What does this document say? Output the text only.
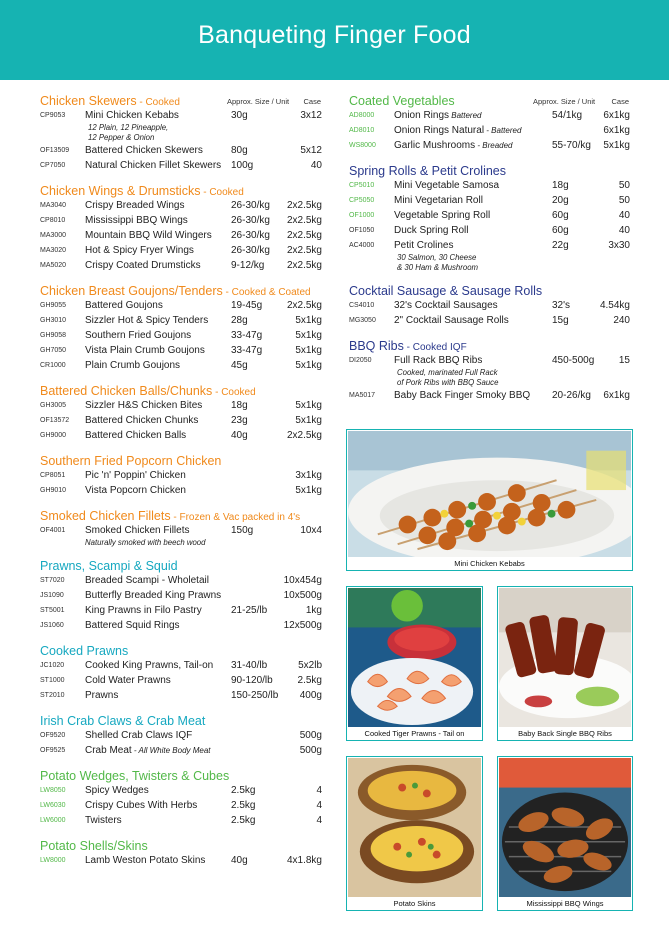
Banqueting Finger Food
Chicken Skewers - Cooked	Approx. Size / Unit Case
CP9053 Mini Chicken Kebabs	30g	3x12
12 Plain, 12 Pineapple,
12 Pepper & Onion
OF13509 Battered Chicken Skewers	80g	5x12
CP7050 Natural Chicken Fillet Skewers 100g	40
Chicken Wings & Drumsticks - Cooked
MA3040 Crispy Breaded Wings	26-30/kg 2x2.5kg
CP8010 Mississippi BBQ Wings	26-30/kg 2x2.5kg
MA3000 Mountain BBQ Wild Wingers 26-30/kg 2x2.5kg
MA3020 Hot & Spicy Fryer Wings	26-30/kg 2x2.5kg
MA5020 Crispy Coated Drumsticks	9-12/kg 2x2.5kg
Chicken Breast Goujons/Tenders - Cooked & Coated
GH9055 Battered Goujons	19-45g 2x2.5kg
GH3010 Sizzler Hot & Spicy Tenders 28g	5x1kg
GH9058 Southern Fried Goujons	33-47g	5x1kg
GH7050 Vista Plain Crumb Goujons	33-47g	5x1kg
CR1000 Plain Crumb Goujons	45g	5x1kg
Battered Chicken Balls/Chunks - Cooked
GH3005 Sizzler H&S Chicken Bites	18g	5x1kg
OF13572 Battered Chicken Chunks	23g	5x1kg
GH9000 Battered Chicken Balls	40g	2x2.5kg
Southern Fried Popcorn Chicken
CP8051 Pic 'n' Poppin' Chicken	3x1kg
GH9010 Vista Popcorn Chicken	5x1kg
Smoked Chicken Fillets - Frozen & Vac packed in 4's
OF4001 Smoked Chicken Fillets	150g	10x4
Naturally smoked with beech wood
Prawns, Scampi & Squid
ST7020 Breaded Scampi - Wholetail	10x454g
JS1090 Butterfly Breaded King Prawns	10x500g
ST5001 King Prawns in Filo Pastry	21-25/lb	1kg
JS1060 Battered Squid Rings	12x500g
Cooked Prawns
JC1020 Cooked King Prawns, Tail-on 31-40/lb	5x2lb
ST1000 Cold Water Prawns	90-120/lb 2.5kg
ST2010 Prawns	150-250/lb 400g
Irish Crab Claws & Crab Meat
OF9520 Shelled Crab Claws IQF	500g
OF9525 Crab Meat - All White Body Meat	500g
Potato Wedges, Twisters & Cubes
LW8050 Spicy Wedges	2.5kg	4
LW6030 Crispy Cubes With Herbs	2.5kg	4
LW6000 Twisters	2.5kg	4
Potato Shells/Skins
LW8000 Lamb Weston Potato Skins	40g	4x1.8kg
Coated Vegetables	Approx. Size / Unit Case
AD8000 Onion Rings Battered	54/1kg 6x1kg
AD8010 Onion Rings Natural - Battered	6x1kg
WS8000 Garlic Mushrooms - Breaded	55-70/kg 5x1kg
Spring Rolls & Petit Crolines
CP5010 Mini Vegetable Samosa	18g	50
CP5050 Mini Vegetarian Roll	20g	50
OF1000 Vegetable Spring Roll	60g	40
OF1050 Duck Spring Roll	60g	40
AC4000 Petit Crolines	22g	3x30
30 Salmon, 30 Cheese
& 30 Ham & Mushroom
Cocktail Sausage & Sausage Rolls
CS4010 32's Cocktail Sausages	32's	4.54kg
MG3050 2" Cocktail Sausage Rolls	15g	240
BBQ Ribs - Cooked IQF
DI2050 Full Rack BBQ Ribs	450-500g 15
Cooked, marinated Full Rack
of Pork Ribs with BBQ Sauce
MA5017 Baby Back Finger Smoky BBQ 20-26/kg 6x1kg
Mini Chicken Kebabs
Cooked Tiger Prawns - Tail on	Baby Back Single BBQ Ribs
Potato Skins	Mississippi BBQ Wings
